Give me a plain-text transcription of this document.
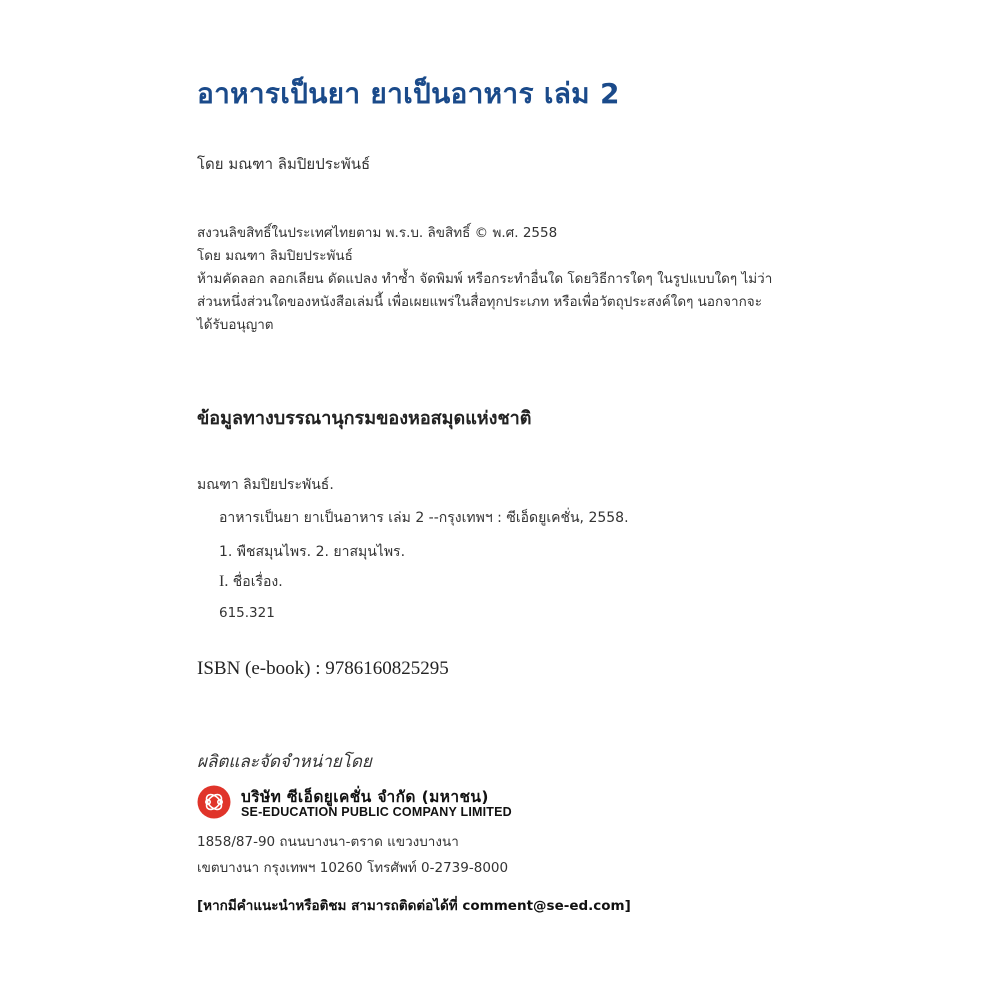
อาหารเป็นยา ยาเป็นอาหาร เล่ม 2
โดย มณฑา ลิมปิยประพันธ์
สงวนลิขสิทธิ์ในประเทศไทยตาม พ.ร.บ. ลิขสิทธิ์ © พ.ศ. 2558
โดย มณฑา ลิมปิยประพันธ์
ห้ามคัดลอก ลอกเลียน ดัดแปลง ทำซ้ำ จัดพิมพ์ หรือกระทำอื่นใด โดยวิธีการใดๆ ในรูปแบบใดๆ ไม่ว่า
ส่วนหนึ่งส่วนใดของหนังสือเล่มนี้ เพื่อเผยแพร่ในสื่อทุกประเภท หรือเพื่อวัตถุประสงค์ใดๆ นอกจากจะ
ได้รับอนุญาต
ข้อมูลทางบรรณานุกรมของหอสมุดแห่งชาติ
มณฑา ลิมปิยประพันธ์.
อาหารเป็นยา ยาเป็นอาหาร เล่ม 2 --กรุงเทพฯ : ซีเอ็ดยูเคชั่น, 2558.
1. พืชสมุนไพร. 2. ยาสมุนไพร.
I. ชื่อเรื่อง.
615.321
ISBN (e-book) : 9786160825295
ผลิตและจัดจำหน่ายโดย
บริษัท ซีเอ็ดยูเคชั่น จำกัด (มหาชน)
SE-EDUCATION PUBLIC COMPANY LIMITED
1858/87-90 ถนนบางนา-ตราด แขวงบางนา
เขตบางนา กรุงเทพฯ 10260 โทรศัพท์ 0-2739-8000
[หากมีคำแนะนำหรือติชม สามารถติดต่อได้ที่ comment@se-ed.com]
